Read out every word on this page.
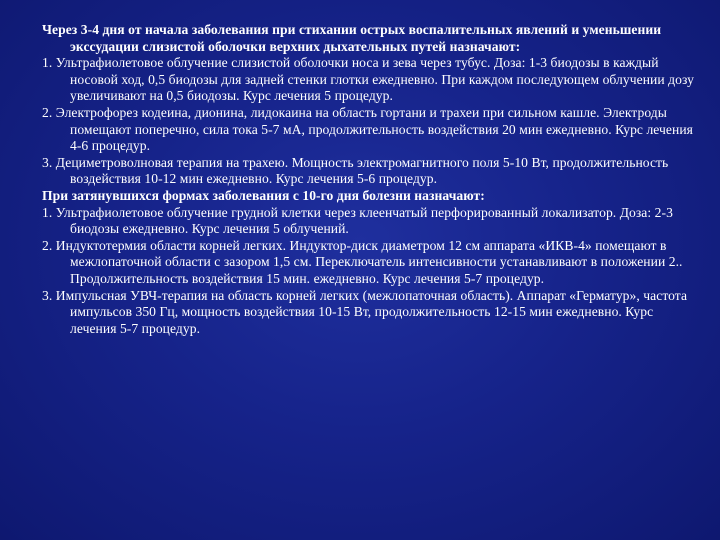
Через 3-4 дня от начала заболевания при стихании острых воспалительных явлений и уменьшении экссудации слизистой оболочки верхних дыхательных путей назначают:

1. Ультрафиолетовое облучение слизистой оболочки носа и зева через тубус. Доза: 1-3 биодозы в каждый носовой ход, 0,5 биодозы для задней стенки глотки ежедневно. При каждом последующем облучении дозу увеличивают на 0,5 биодозы. Курс лечения 5 процедур.

2. Электрофорез кодеина, дионина, лидокаина на область гортани и трахеи при сильном кашле. Электроды помещают поперечно, сила тока 5-7 мА, продолжительность воздействия 20 мин ежедневно. Курс лечения 4-6 процедур.

3. Дециметроволновая терапия на трахею. Мощность электромагнитного поля 5-10 Вт, продолжительность воздействия 10-12 мин ежедневно. Курс лечения 5-6 процедур.

При затянувшихся формах заболевания с 10-го дня болезни назначают:

1. Ультрафиолетовое облучение грудной клетки через клеенчатый перфорированный локализатор. Доза: 2-3 биодозы ежедневно. Курс лечения 5 облучений.

2. Индуктотермия области корней легких. Индуктор-диск диаметром 12 см аппарата «ИКВ-4» помещают в межлопаточной области с зазором 1,5 см. Переключатель интенсивности устанавливают в положении 2.. Продолжительность воздействия 15 мин. ежедневно. Курс лечения 5-7 процедур.

3. Импульсная УВЧ-терапия на область корней легких (межлопаточная область). Аппарат «Герматур», частота импульсов 350 Гц, мощность воздействия 10-15 Вт, продолжительность 12-15 мин ежедневно. Курс лечения 5-7 процедур.
